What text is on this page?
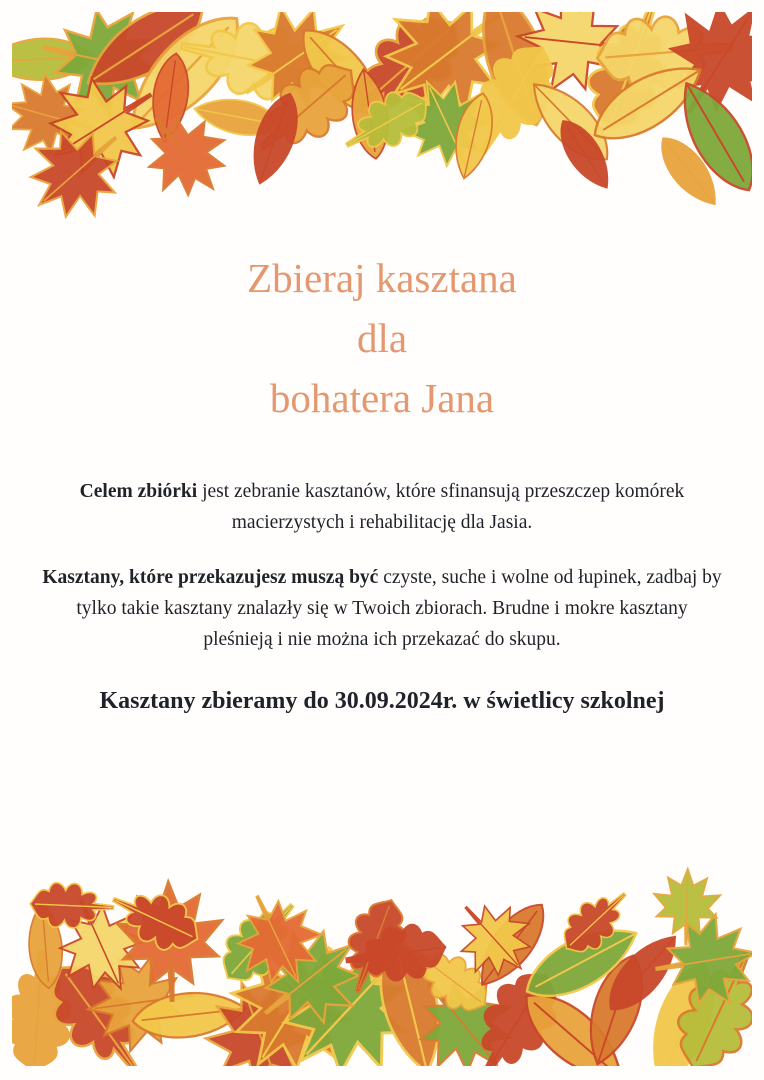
Zbieraj kasztana
dla
bohatera Jana
Celem zbiórki jest zebranie kasztanów, które sfinansują przeszczep komórek macierzystych i rehabilitację dla Jasia.
Kasztany, które przekazujesz muszą być czyste, suche i wolne od łupinek, zadbaj by tylko takie kasztany znalazły się w Twoich zbiorach. Brudne i mokre kasztany pleśnieją i nie można ich przekazać do skupu.
Kasztany zbieramy do 30.09.2024r. w świetlicy szkolnej
